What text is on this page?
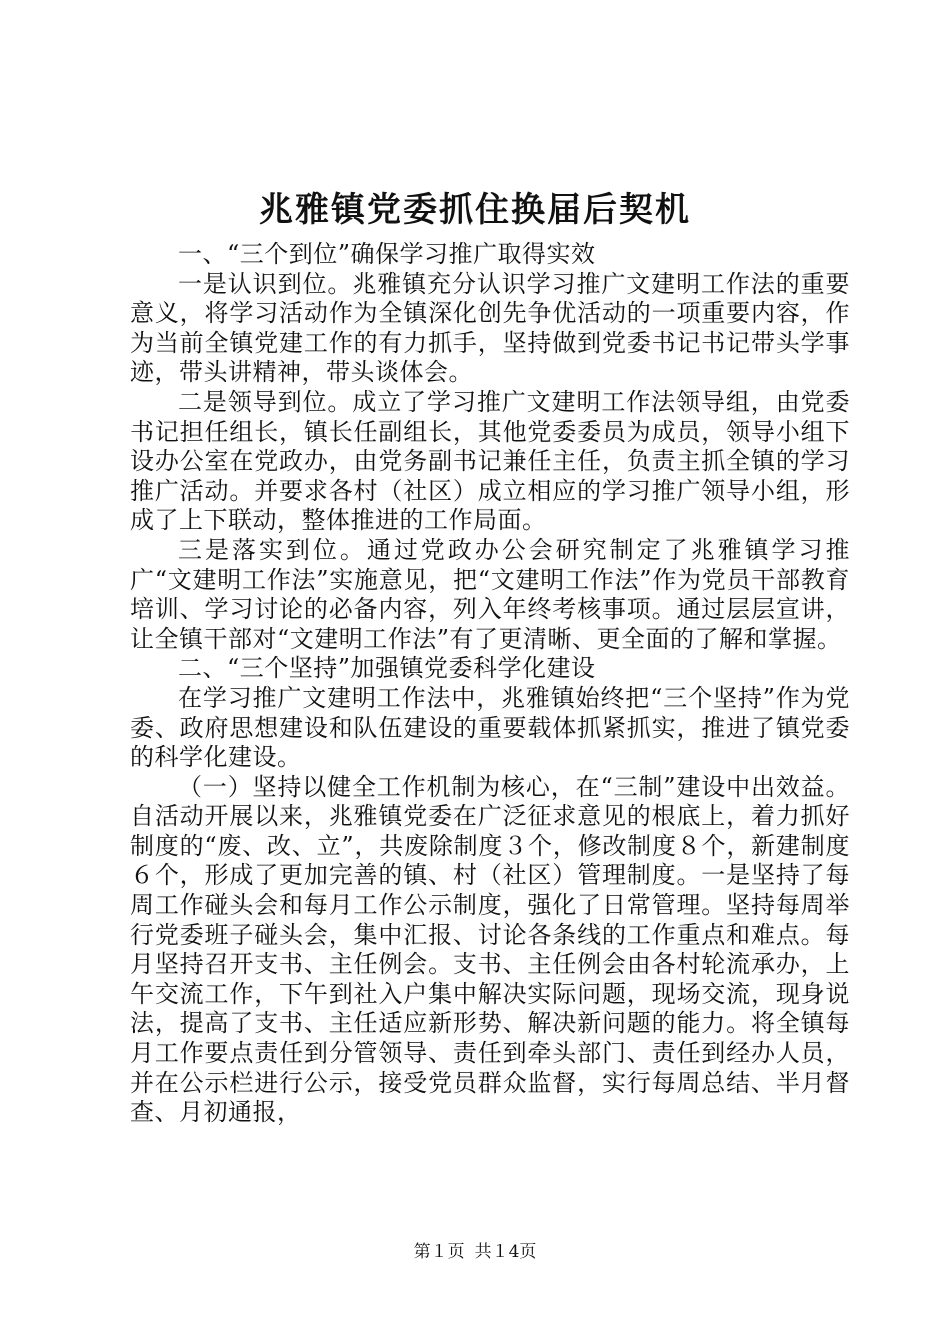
兆雅镇党委抓住换届后契机

一、“三个到位”确保学习推广取得实效

一是认识到位。兆雅镇充分认识学习推广文建明工作法的重要意义，将学习活动作为全镇深化创先争优活动的一项重要内容，作为当前全镇党建工作的有力抓手，坚持做到党委书记书记带头学事迹，带头讲精神，带头谈体会。

二是领导到位。成立了学习推广文建明工作法领导组，由党委书记担任组长，镇长任副组长，其他党委委员为成员，领导小组下设办公室在党政办，由党务副书记兼任主任，负责主抓全镇的学习推广活动。并要求各村（社区）成立相应的学习推广领导小组，形成了上下联动，整体推进的工作局面。

三是落实到位。通过党政办公会研究制定了兆雅镇学习推广“文建明工作法”实施意见，把“文建明工作法”作为党员干部教育培训、学习讨论的必备内容，列入年终考核事项。通过层层宣讲，让全镇干部对“文建明工作法”有了更清晰、更全面的了解和掌握。

二、“三个坚持”加强镇党委科学化建设

在学习推广文建明工作法中，兆雅镇始终把“三个坚持”作为党委、政府思想建设和队伍建设的重要载体抓紧抓实，推进了镇党委的科学化建设。

（一）坚持以健全工作机制为核心，在“三制”建设中出效益。自活动开展以来，兆雅镇党委在广泛征求意见的根底上，着力抓好制度的“废、改、立”，共废除制度３个，修改制度８个，新建制度６个，形成了更加完善的镇、村（社区）管理制度。一是坚持了每周工作碰头会和每月工作公示制度，强化了日常管理。坚持每周举行党委班子碰头会，集中汇报、讨论各条线的工作重点和难点。每月坚持召开支书、主任例会。支书、主任例会由各村轮流承办，上午交流工作，下午到社入户集中解决实际问题，现场交流，现身说法，提高了支书、主任适应新形势、解决新问题的能力。将全镇每月工作要点责任到分管领导、责任到牵头部门、责任到经办人员，并在公示栏进行公示，接受党员群众监督，实行每周总结、半月督查、月初通报，

第１页 共１4页
